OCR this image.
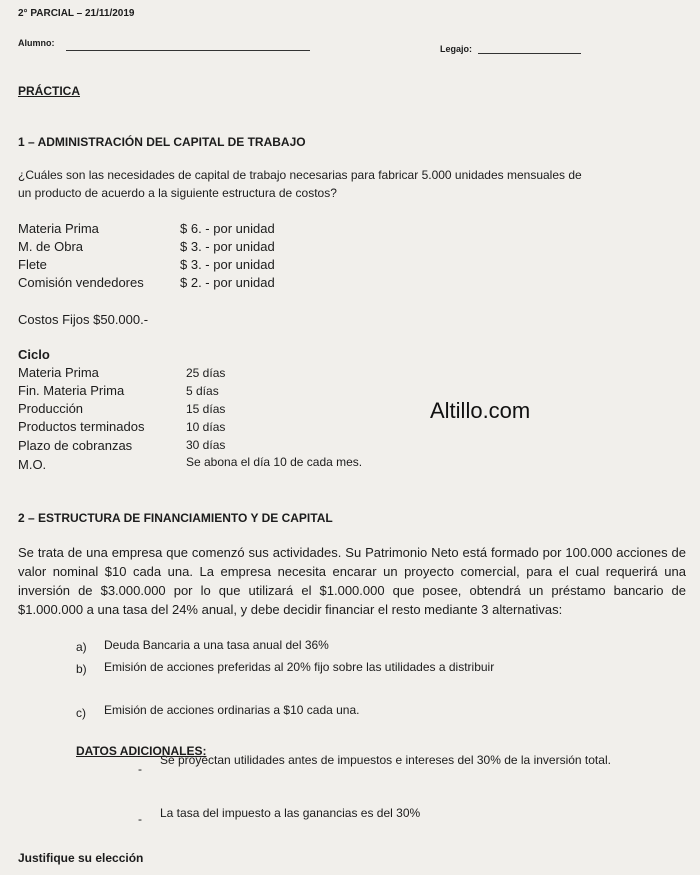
2° PARCIAL – 21/11/2019
Alumno:
Legajo:
PRÁCTICA
1 – ADMINISTRACIÓN DEL CAPITAL DE TRABAJO
¿Cuáles son las necesidades de capital de trabajo necesarias para fabricar 5.000 unidades mensuales de
un producto de acuerdo a la siguiente estructura de costos?
Materia Prima	$ 6. - por unidad
M. de Obra	$ 3. - por unidad
Flete	$ 3. - por unidad
Comisión vendedores	$ 2. - por unidad
Costos Fijos $50.000.-
Ciclo
Materia Prima	25 días
Fin. Materia Prima	5 días
Producción	15 días
Productos terminados	10 días
Plazo de cobranzas	30 días
M.O.	Se abona el día 10 de cada mes.
Altillo.com
2 – ESTRUCTURA DE FINANCIAMIENTO Y DE CAPITAL
Se trata de una empresa que comenzó sus actividades. Su Patrimonio Neto está formado por 100.000 acciones de valor nominal $10 cada una. La empresa necesita encarar un proyecto comercial, para el cual requerirá una inversión de $3.000.000 por lo que utilizará el $1.000.000 que posee, obtendrá un préstamo bancario de $1.000.000 a una tasa del 24% anual, y debe decidir financiar el resto mediante 3 alternativas:
a) Deuda Bancaria a una tasa anual del 36%
b) Emisión de acciones preferidas al 20% fijo sobre las utilidades a distribuir
c) Emisión de acciones ordinarias a $10 cada una.
DATOS ADICIONALES:
-
Se proyectan utilidades antes de impuestos e intereses del 30% de la inversión total.
- La tasa del impuesto a las ganancias es del 30%
Justifique su elección
